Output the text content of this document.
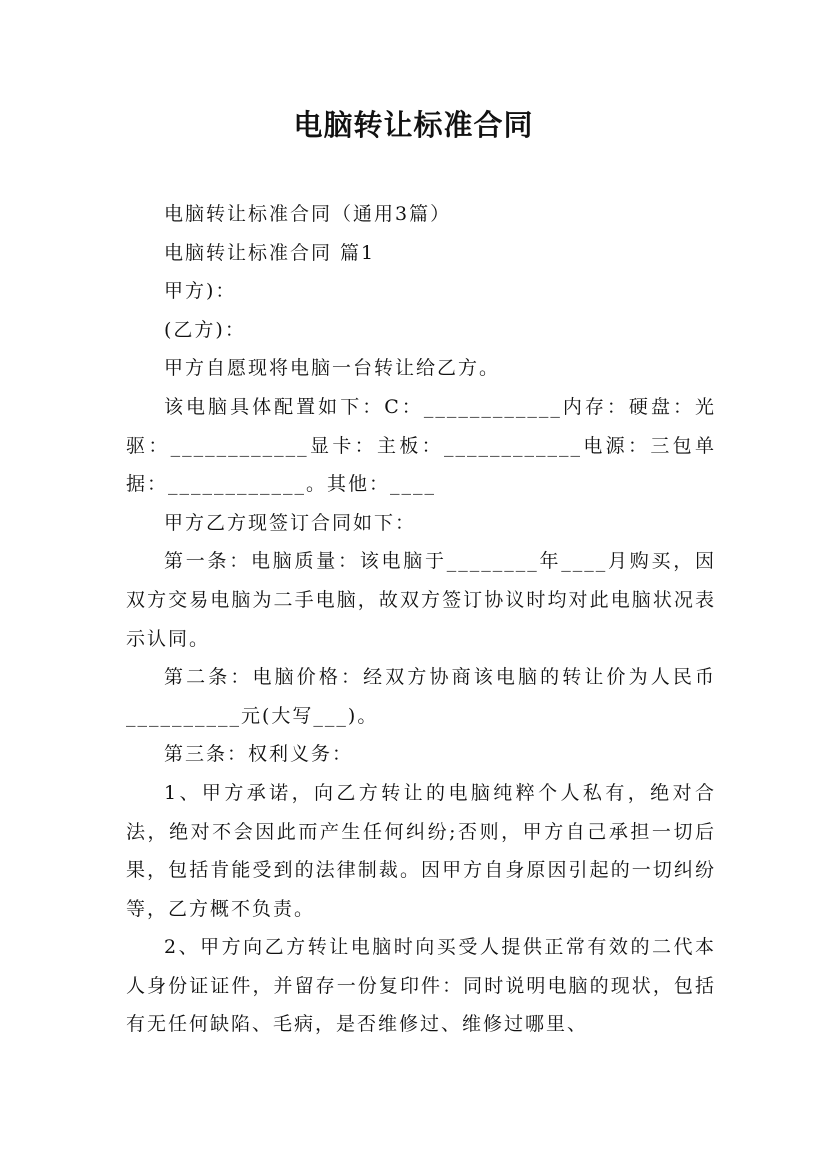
电脑转让标准合同

电脑转让标准合同（通用3篇）

电脑转让标准合同 篇1

甲方)：

(乙方)：

甲方自愿现将电脑一台转让给乙方。

该电脑具体配置如下：C：____________内存：硬盘：光驱：____________显卡：主板：____________电源：三包单据：____________。其他：____

甲方乙方现签订合同如下：

第一条：电脑质量：该电脑于________年____月购买，因双方交易电脑为二手电脑，故双方签订协议时均对此电脑状况表示认同。

第二条：电脑价格：经双方协商该电脑的转让价为人民币__________元(大写___)。

第三条：权利义务：

1、甲方承诺，向乙方转让的电脑纯粹个人私有，绝对合法，绝对不会因此而产生任何纠纷;否则，甲方自己承担一切后果，包括肯能受到的法律制裁。因甲方自身原因引起的一切纠纷等，乙方概不负责。

2、甲方向乙方转让电脑时向买受人提供正常有效的二代本人身份证证件，并留存一份复印件：同时说明电脑的现状，包括有无任何缺陷、毛病，是否维修过、维修过哪里、
